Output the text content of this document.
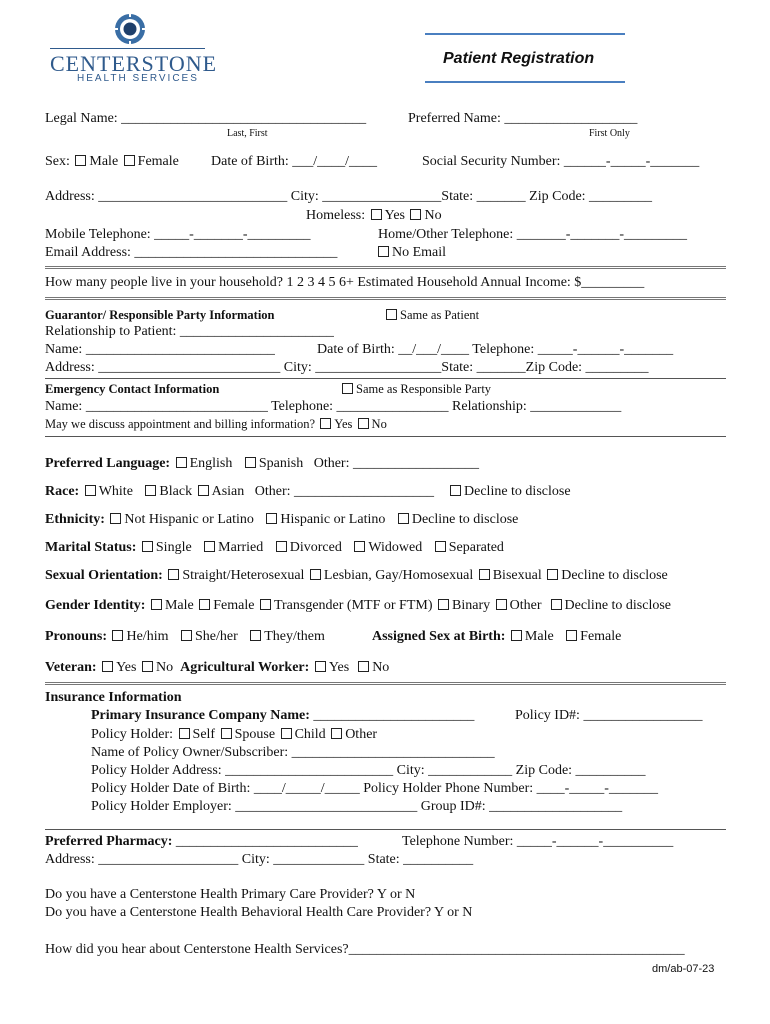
CENTERSTONE
HEALTH SERVICES
Patient Registration
Legal Name: ___________________________________	Preferred Name: ___________________
Last, First	First Only
Sex: Male Female Date of Birth: ___/____/____	Social Security Number: ______-_____-_______
Address: ___________________________ City: _________________State: _______ Zip Code: _________
Homeless: Yes No
Mobile Telephone: _____-_______-_________	Home/Other Telephone: _______-_______-_________
Email Address: _____________________________	No Email
How many people live in your household? 1 2 3 4 5 6+ Estimated Household Annual Income: $_________
Guarantor/ Responsible Party Information	Same as Patient
Relationship to Patient: ______________________
Name: ___________________________	Date of Birth: __/___/____ Telephone: _____-______-_______
Address: __________________________ City: __________________State: _______Zip Code: _________
Emergency Contact Information	Same as Responsible Party
Name: __________________________ Telephone: ________________ Relationship: _____________
May we discuss appointment and billing information? Yes No
Preferred Language: English Spanish Other: __________________
Race: White Black Asian Other: ____________________ Decline to disclose
Ethnicity: Not Hispanic or Latino Hispanic or Latino Decline to disclose
Marital Status: Single Married Divorced Widowed Separated
Sexual Orientation: Straight/Heterosexual Lesbian, Gay/Homosexual Bisexual Decline to disclose
Gender Identity: Male Female Transgender (MTF or FTM) Binary Other Decline to disclose
Pronouns: He/him She/her They/them	Assigned Sex at Birth: Male Female
Veteran: Yes No Agricultural Worker: Yes No
Insurance Information
Primary Insurance Company Name: _______________________	Policy ID#: _________________
Policy Holder: Self Spouse Child Other
Name of Policy Owner/Subscriber: _____________________________
Policy Holder Address: ________________________ City: ____________ Zip Code: __________
Policy Holder Date of Birth: ____/_____/_____ Policy Holder Phone Number: ____-_____-_______
Policy Holder Employer: __________________________ Group ID#: ___________________
Preferred Pharmacy: __________________________	Telephone Number: _____-______-__________
Address: ____________________ City: _____________ State: __________
Do you have a Centerstone Health Primary Care Provider? Y or N
Do you have a Centerstone Health Behavioral Health Care Provider? Y or N
How did you hear about Centerstone Health Services?________________________________________________
dm/ab-07-23
